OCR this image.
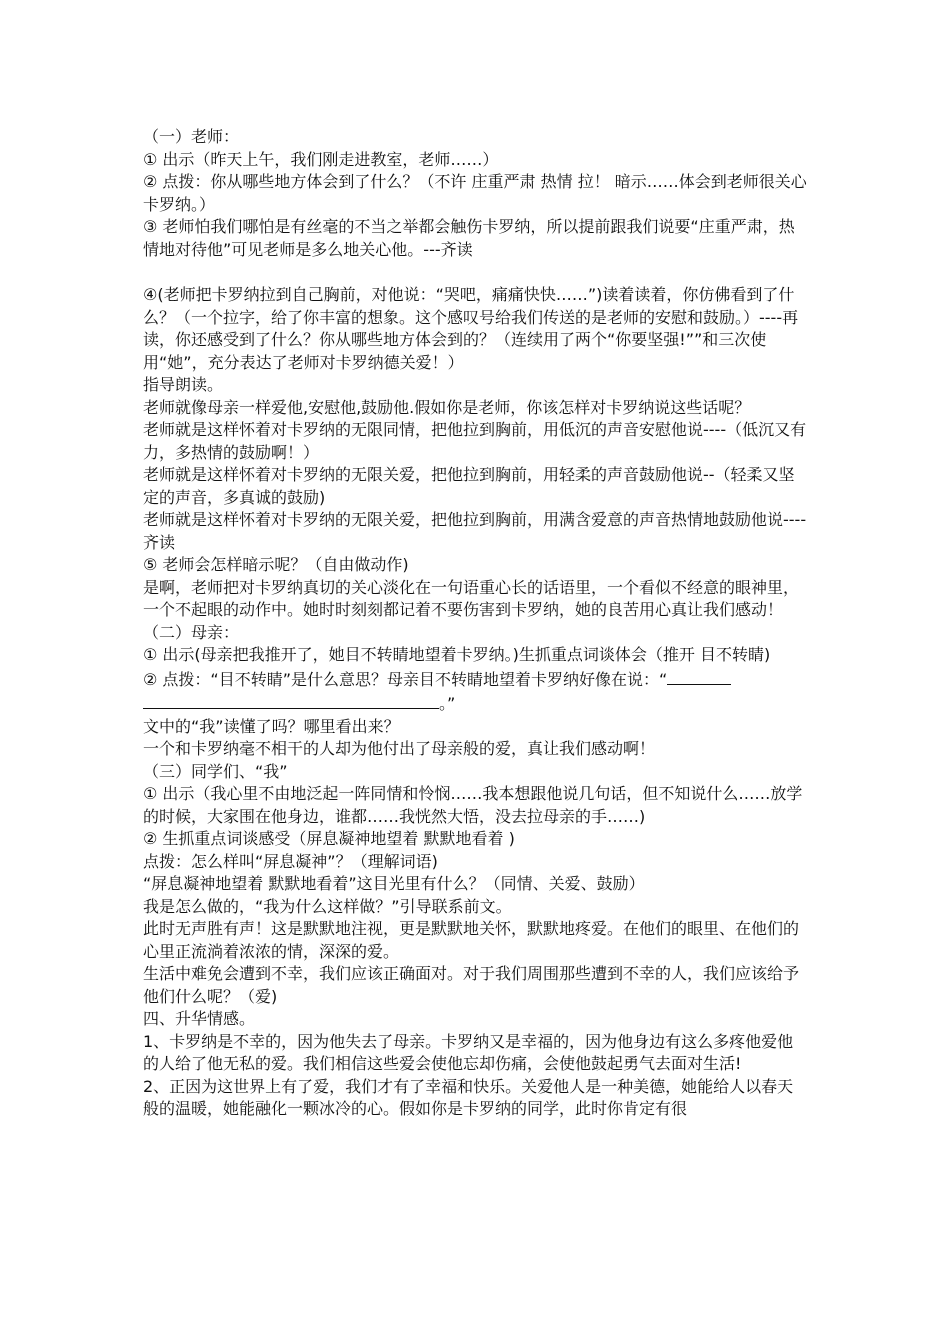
（一）老师：

① 出示（昨天上午，我们刚走进教室，老师……）

② 点拨：你从哪些地方体会到了什么？（不许 庄重严肃 热情 拉！ 暗示……体会到老师很关心卡罗纳。）

③ 老师怕我们哪怕是有丝毫的不当之举都会触伤卡罗纳，所以提前跟我们说要“庄重严肃，热情地对待他”可见老师是多么地关心他。---齐读

④(老师把卡罗纳拉到自己胸前，对他说：“哭吧，痛痛快快……”)读着读着，你仿佛看到了什么？（一个拉字，给了你丰富的想象。这个感叹号给我们传送的是老师的安慰和鼓励。）----再读，你还感受到了什么？你从哪些地方体会到的？（连续用了两个“你要坚强!””和三次使用“她”，充分表达了老师对卡罗纳德关爱！）

指导朗读。

老师就像母亲一样爱他,安慰他,鼓励他.假如你是老师，你该怎样对卡罗纳说这些话呢？

老师就是这样怀着对卡罗纳的无限同情，把他拉到胸前，用低沉的声音安慰他说----（低沉又有力，多热情的鼓励啊！）

老师就是这样怀着对卡罗纳的无限关爱，把他拉到胸前，用轻柔的声音鼓励他说--（轻柔又坚定的声音，多真诚的鼓励)

老师就是这样怀着对卡罗纳的无限关爱，把他拉到胸前，用满含爱意的声音热情地鼓励他说----齐读

⑤ 老师会怎样暗示呢？（自由做动作)

是啊，老师把对卡罗纳真切的关心淡化在一句语重心长的话语里，一个看似不经意的眼神里，一个不起眼的动作中。她时时刻刻都记着不要伤害到卡罗纳，她的良苦用心真让我们感动！

（二）母亲：

① 出示(母亲把我推开了，她目不转睛地望着卡罗纳。)生抓重点词谈体会（推开 目不转睛)

② 点拨：“目不转睛”是什么意思？母亲目不转睛地望着卡罗纳好像在说：“。”

文中的“我”读懂了吗？哪里看出来？

一个和卡罗纳毫不相干的人却为他付出了母亲般的爱，真让我们感动啊！

（三）同学们、“我”

① 出示（我心里不由地泛起一阵同情和怜悯……我本想跟他说几句话，但不知说什么……放学的时候，大家围在他身边，谁都……我恍然大悟，没去拉母亲的手……)

② 生抓重点词谈感受（屏息凝神地望着 默默地看着 )

点拨：怎么样叫“屏息凝神”？（理解词语)

“屏息凝神地望着 默默地看着”这目光里有什么？（同情、关爱、鼓励）

我是怎么做的，“我为什么这样做？”引导联系前文。

此时无声胜有声！这是默默地注视，更是默默地关怀，默默地疼爱。在他们的眼里、在他们的心里正流淌着浓浓的情，深深的爱。

生活中难免会遭到不幸，我们应该正确面对。对于我们周围那些遭到不幸的人，我们应该给予他们什么呢？（爱)

四、升华情感。

1、卡罗纳是不幸的，因为他失去了母亲。卡罗纳又是幸福的，因为他身边有这么多疼他爱他的人给了他无私的爱。我们相信这些爱会使他忘却伤痛，会使他鼓起勇气去面对生活!

2、正因为这世界上有了爱，我们才有了幸福和快乐。关爱他人是一种美德，她能给人以春天般的温暖，她能融化一颗冰冷的心。假如你是卡罗纳的同学，此时你肯定有很
